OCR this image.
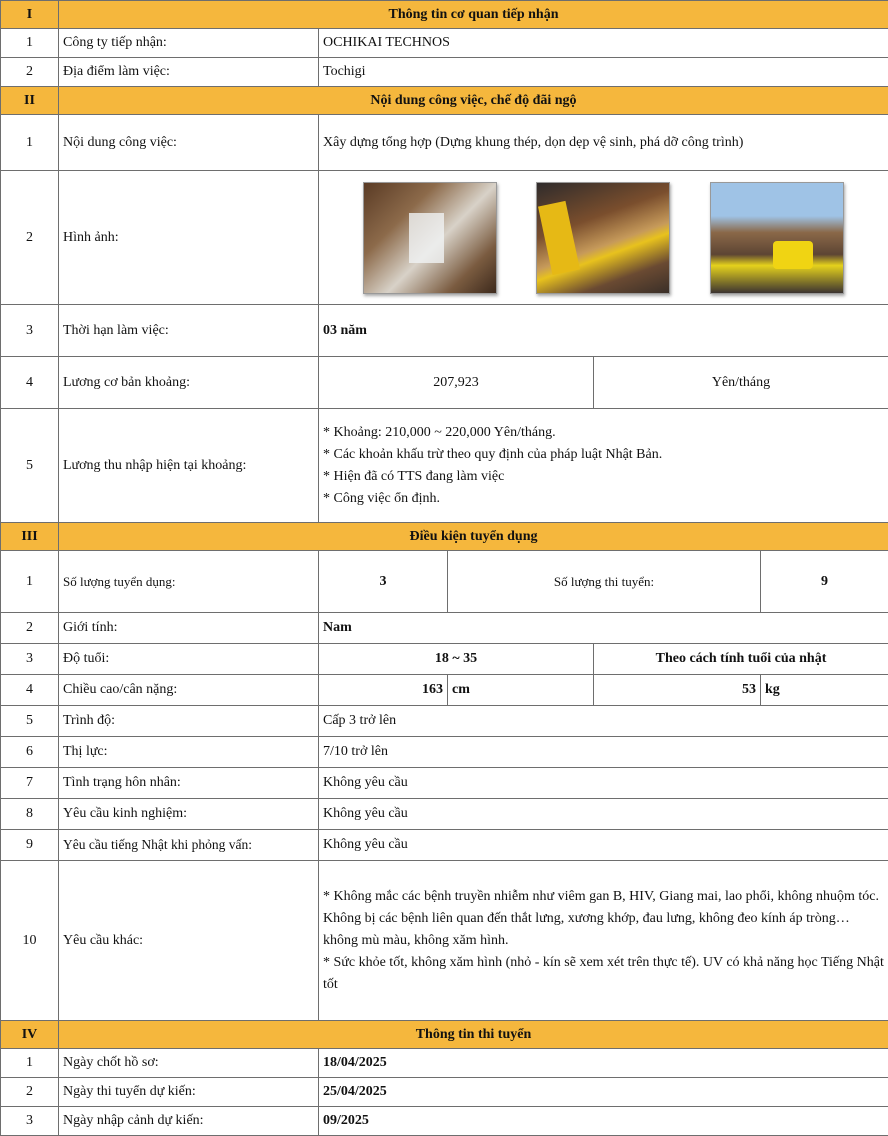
I	Thông tin cơ quan tiếp nhận				
1	Công ty tiếp nhận:	OCHIKAI TECHNOS			
2	Địa điểm làm việc:	Tochigi			
II	Nội dung công việc, chế độ đãi ngộ				
1	Nội dung công việc:	Xây dựng tổng hợp (Dựng khung thép, dọn dẹp vệ sinh, phá dỡ công trình)			
2	Hình ảnh:				

3	Thời hạn làm việc:	03 năm			
4	Lương cơ bản khoảng:	207,923		Yên/tháng	
5	Lương thu nhập hiện tại khoảng:	* Khoảng: 210,000 ~ 220,000 Yên/tháng.
* Các khoản khấu trừ theo quy định của pháp luật Nhật Bản.
* Hiện đã có TTS đang làm việc
* Công việc ổn định.			

III	Điều kiện tuyển dụng				
1	Số lượng tuyển dụng:	3	Số lượng thi tuyển:		9
2	Giới tính:	Nam			
3	Độ tuổi:	18 ~ 35		Theo cách tính tuổi của nhật	
4	Chiều cao/cân nặng:	163	cm	53	kg
5	Trình độ:	Cấp 3 trở lên			
6	Thị lực:	7/10 trở lên			
7	Tình trạng hôn nhân:	Không yêu cầu			
8	Yêu cầu kinh nghiệm:	Không yêu cầu			
9	Yêu cầu tiếng Nhật khi phỏng vấn:	Không yêu cầu			
10	Yêu cầu khác:	* Không mắc các bệnh truyền nhiễm như viêm gan B, HIV, Giang mai, lao phổi, không nhuộm tóc. Không bị các bệnh liên quan đến thắt lưng, xương khớp, đau lưng, không đeo kính áp tròng…không mù màu, không xăm hình.
* Sức khỏe tốt, không xăm hình (nhỏ - kín sẽ xem xét trên thực tế). UV có khả năng học Tiếng Nhật tốt			

IV	Thông tin thi tuyển				
1	Ngày chốt hồ sơ:	18/04/2025			
2	Ngày thi tuyển dự kiến:	25/04/2025			
3	Ngày nhập cảnh dự kiến:	09/2025			
